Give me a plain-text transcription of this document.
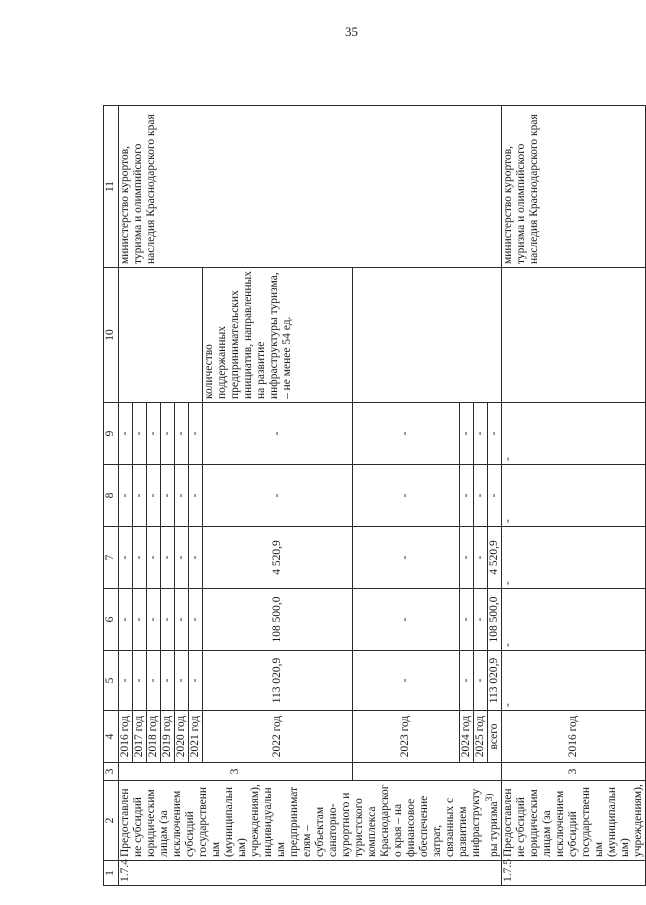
35
1	2	3	4	5	6	7	8	9	10	11
1.7.4	Предоставление субсидий юридическим лицам (за исключением субсидий государственным (муниципальным) учреждениям), индивидуальным предпринимателям – субъектам санаторно-курортного и туристского комплекса Краснодарского края – на финансовое обеспечение затрат, связанных с развитием инфраструктуры туризма$^{3)}$	3	2016 год	-	-	-	-	-		министерство курортов, туризма и олимпийского наследия Краснодарского края
			2017 год	-	-	-	-	-		
			2018 год	-	-	-	-	-		
			2019 год	-	-	-	-	-		
			2020 год	-	-	-	-	-		
			2021 год	-	-	-	-	-		
			2022 год	113 020,9	108 500,0	4 520,9	-	-	количество поддержанных предпринимательских инициатив, направленных на развитие инфраструктуры туризма, – не менее 54 ед.	
			2023 год	-	-	-	-	-		
			2024 год	-	-	-	-	-		
			2025 год	-	-	-	-	-		
			всего	113 020,9	108 500,0	4 520,9	-	-		
1.7.5	Предоставление субсидий юридическим лицам (за исключением субсидий государственным (муниципальным) учреждениям),	3	2016 год	-	-	-	-	-		министерство курортов, туризма и олимпийского наследия Краснодарского края
